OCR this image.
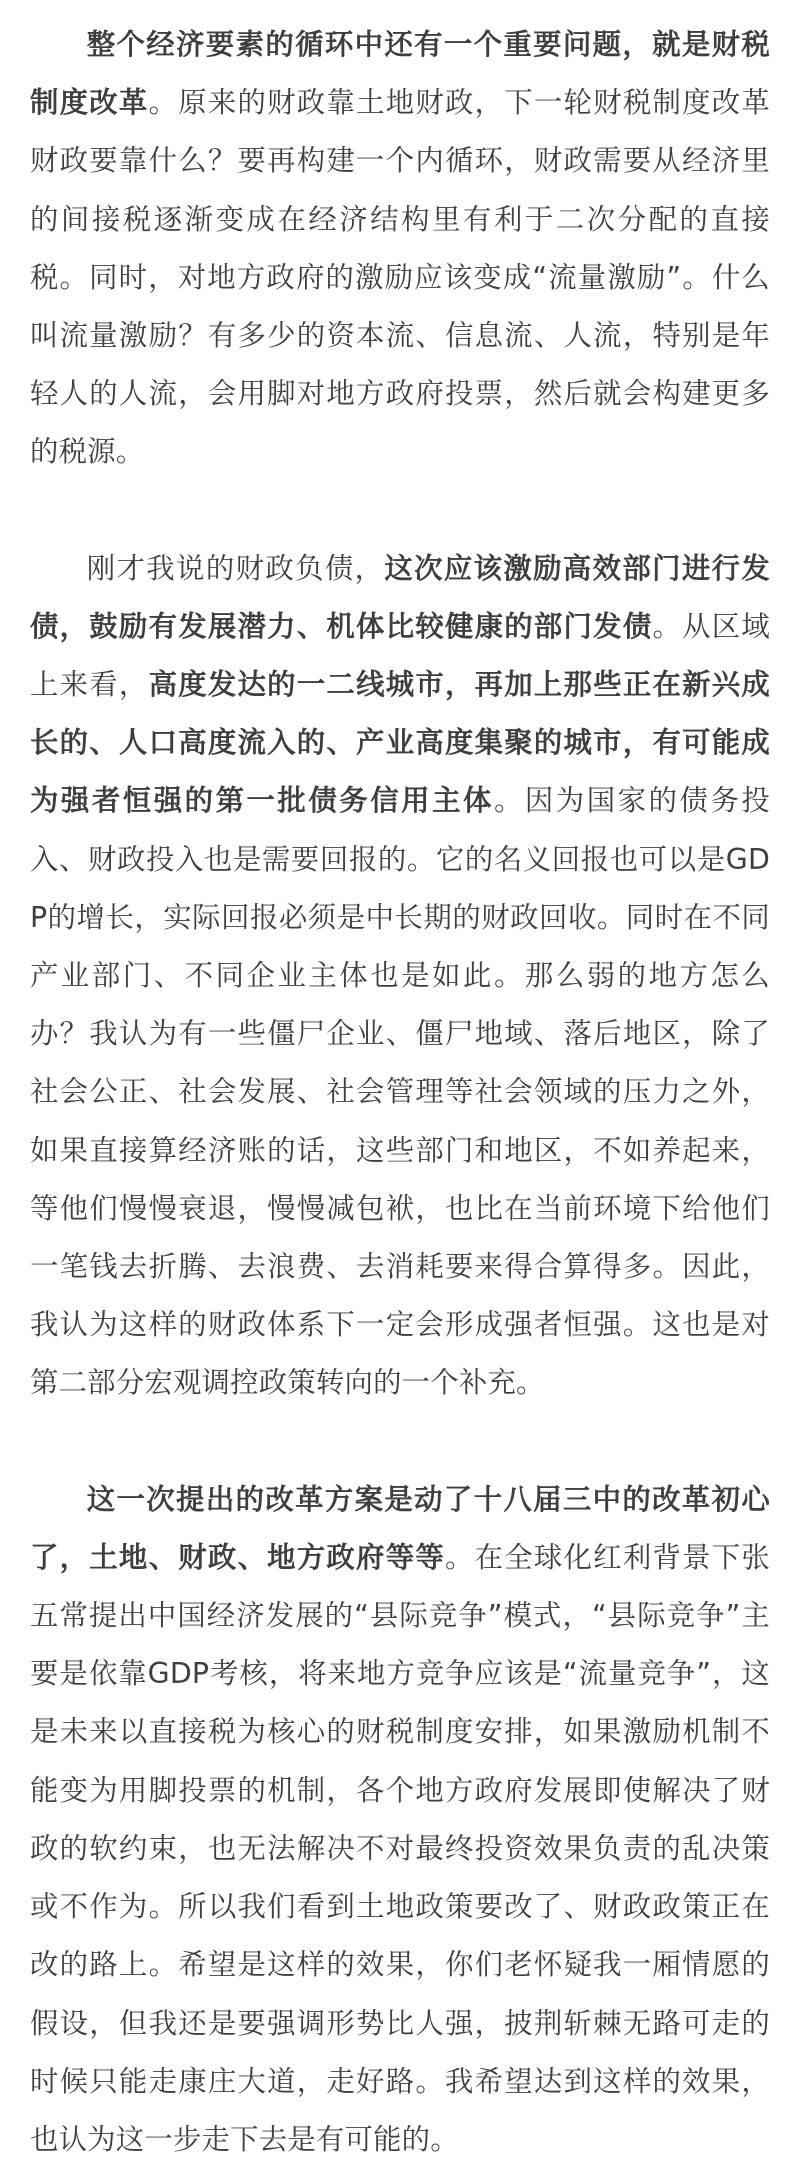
整个经济要素的循环中还有一个重要问题，就是财税制度改革。原来的财政靠土地财政，下一轮财税制度改革财政要靠什么？要再构建一个内循环，财政需要从经济里的间接税逐渐变成在经济结构里有利于二次分配的直接税。同时，对地方政府的激励应该变成“流量激励”。什么叫流量激励？有多少的资本流、信息流、人流，特别是年轻人的人流，会用脚对地方政府投票，然后就会构建更多的税源。

刚才我说的财政负债，这次应该激励高效部门进行发债，鼓励有发展潜力、机体比较健康的部门发债。从区域上来看，高度发达的一二线城市，再加上那些正在新兴成长的、人口高度流入的、产业高度集聚的城市，有可能成为强者恒强的第一批债务信用主体。因为国家的债务投入、财政投入也是需要回报的。它的名义回报也可以是GDP的增长，实际回报必须是中长期的财政回收。同时在不同产业部门、不同企业主体也是如此。那么弱的地方怎么办？我认为有一些僵尸企业、僵尸地域、落后地区，除了社会公正、社会发展、社会管理等社会领域的压力之外，如果直接算经济账的话，这些部门和地区，不如养起来，等他们慢慢衰退，慢慢减包袱，也比在当前环境下给他们一笔钱去折腾、去浪费、去消耗要来得合算得多。因此，我认为这样的财政体系下一定会形成强者恒强。这也是对第二部分宏观调控政策转向的一个补充。

这一次提出的改革方案是动了十八届三中的改革初心了，土地、财政、地方政府等等。在全球化红利背景下张五常提出中国经济发展的“县际竞争”模式，“县际竞争”主要是依靠GDP考核，将来地方竞争应该是“流量竞争”，这是未来以直接税为核心的财税制度安排，如果激励机制不能变为用脚投票的机制，各个地方政府发展即使解决了财政的软约束，也无法解决不对最终投资效果负责的乱决策或不作为。所以我们看到土地政策要改了、财政政策正在改的路上。希望是这样的效果，你们老怀疑我一厢情愿的假设，但我还是要强调形势比人强，披荆斩棘无路可走的时候只能走康庄大道，走好路。我希望达到这样的效果，也认为这一步走下去是有可能的。
